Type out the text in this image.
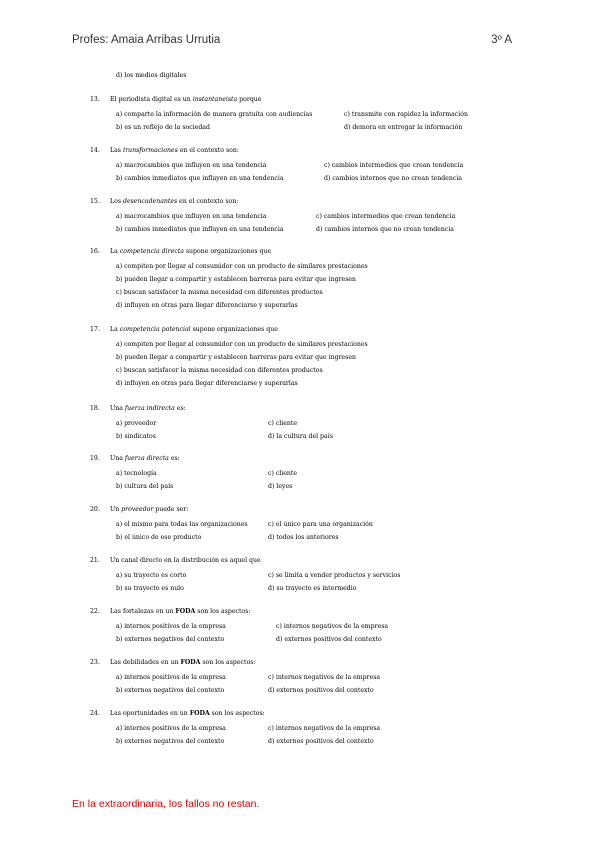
Profes: Amaia Arribas Urrutia	3º A
d) los medios digitales
13.	El periodista digital es un instantaneista porque
a) comparte la información de manera gratuita con audiencias	c) transmite con rapidez la información
b) es un reflejo de la sociedad	d) demora en entregar la información
14.	Las transformaciones en el contexto son:
a) macrocambios que influyen en una tendencia	c) cambios intermedios que crean tendencia
b) cambios inmediatos que influyen en una tendencia	d) cambios internos que no crean tendencia
15.	Los desencadenantes en el contexto son:
a) macrocambios que influyen en una tendencia	c) cambios intermedios que crean tendencia
b) cambios inmediatos que influyen en una tendencia	d) cambios internos que no crean tendencia
16.	La competencia directa supone organizaciones que
a) compiten por llegar al consumidor con un producto de similares prestaciones
b) pueden llegar a compartir y establecen barreras para evitar que ingresen
c) buscan satisfacer la misma necesidad con diferentes productos
d) influyen en otras para llegar diferenciarse y superarlas
17.	La competencia potencial supone organizaciones que
a) compiten por llegar al consumidor con un producto de similares prestaciones
b) pueden llegar a compartir y establecen barreras para evitar que ingresen
c) buscan satisfacer la misma necesidad con diferentes productos
d) influyen en otras para llegar diferenciarse y superarlas
18.	Una fuerza indirecta es:
a) proveedor	c) cliente
b) sindicatos	d) la cultura del país
19.	Una fuerza directa es:
a) tecnología	c) cliente
b) cultura del país	d) leyes
20.	Un proveedor puede ser:
a) el mismo para todas las organizaciones	c) el único para una organización
b) el único de ese producto	d) todos los anteriores
21.	Un canal directo en la distribución es aquel que
a) su trayecto es corto	c) se limita a vender productos y servicios
b) su trayecto es nulo	d) su trayecto es intermedio
22.	Las fortalezas en un FODA son los aspectos:
a) internos positivos de la empresa	c) internos negativos de la empresa
b) externos negativos del contexto	d) externos positivos del contexto
23.	Las debilidades en un FODA son los aspectos:
a) internos positivos de la empresa	c) internos negativos de la empresa
b) externos negativos del contexto	d) externos positivos del contexto
24.	Las oportunidades en un FODA son los aspectos:
a) internos positivos de la empresa	c) internos negativos de la empresa
b) externos negativos del contexto	d) externos positivos del contexto
En la extraordinaria, los fallos no restan.
